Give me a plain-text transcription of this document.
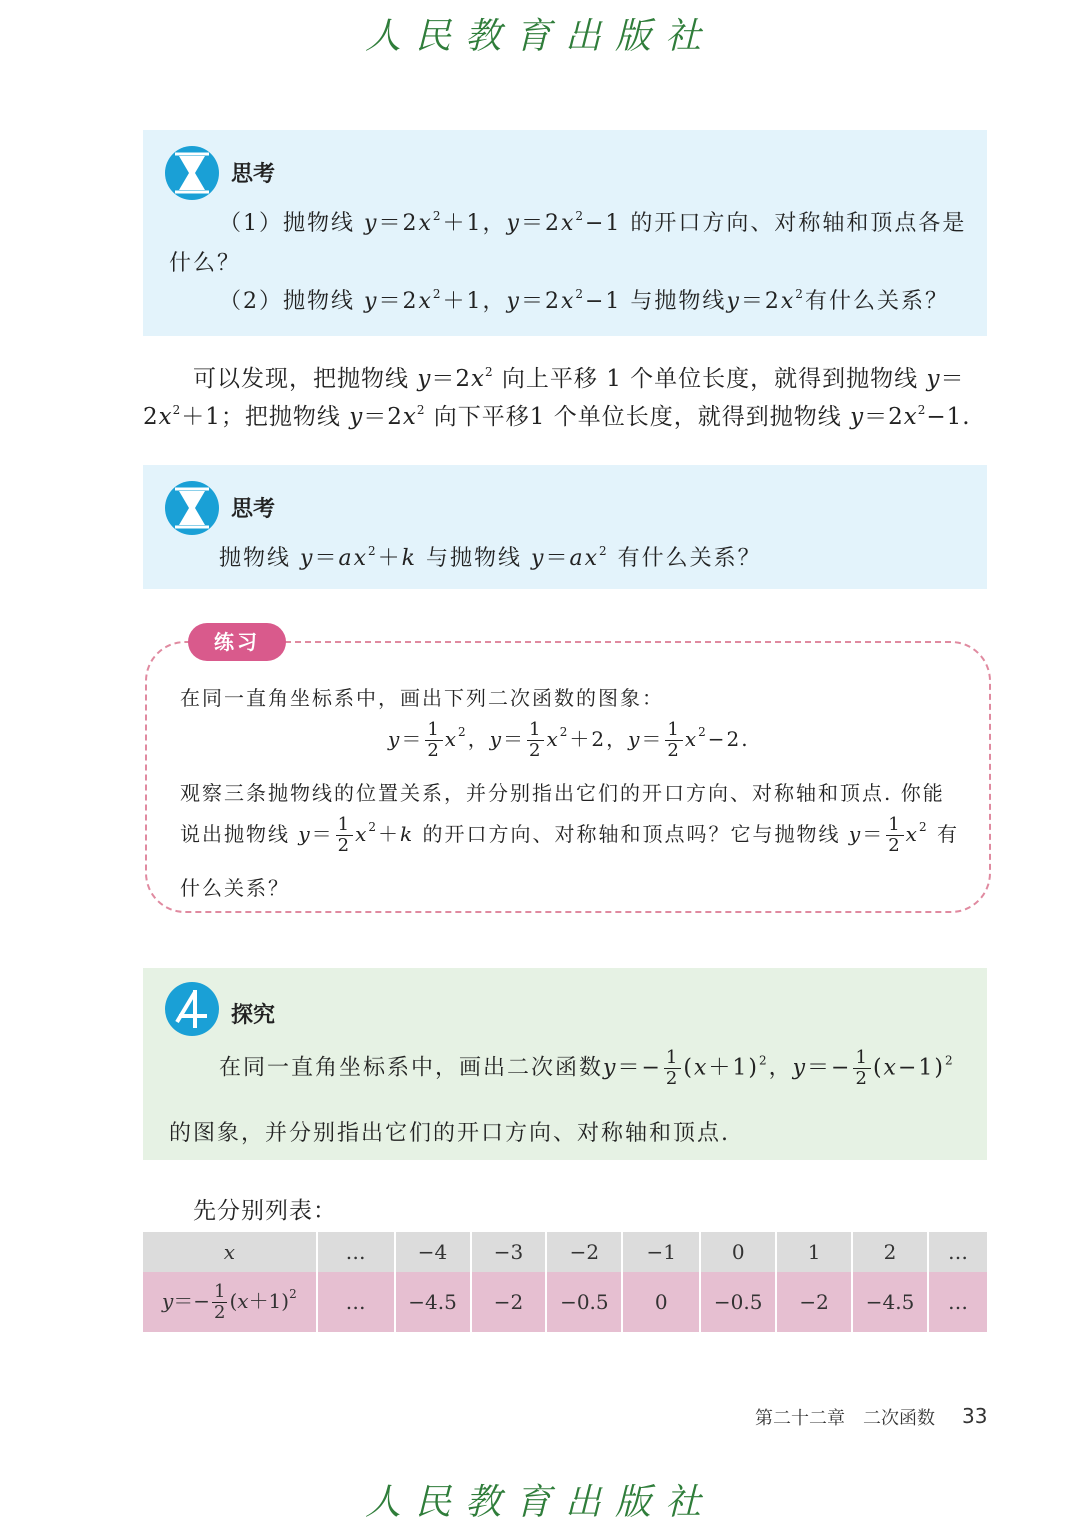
人民教育出版社
思考
（1）抛物线 $y=2x^2+1$，$y=2x^2-1$ 的开口方向、对称轴和顶点各是
什么？
（2）抛物线 $y=2x^2+1$，$y=2x^2-1$ 与抛物线$y=2x^2$有什么关系？
可以发现，把抛物线 $y=2x^2$ 向上平移 1 个单位长度，就得到抛物线 y＝
$2x^2+1$；把抛物线 $y=2x^2$ 向下平移1 个单位长度，就得到抛物线 $y=2x^2-1$.
思考
抛物线 $y=ax^2+k$ 与抛物线 $y=ax^2$ 有什么关系？
练习
在同一直角坐标系中，画出下列二次函数的图象：
$y= \frac{1}{2} x^2$，$y= \frac{1}{2} x^2+2$，$y= \frac{1}{2} x^2-2$.
观察三条抛物线的位置关系，并分别指出它们的开口方向、对称轴和顶点. 你能
说出抛物线 $y= \frac{1}{2} x^2+k$ 的开口方向、对称轴和顶点吗？它与抛物线 $y= \frac{1}{2} x^2$ 有
什么关系？
探究
在同一直角坐标系中，画出二次函数$y=- \frac{1}{2} (x+1)^2$，$y=- \frac{1}{2} (x-1)^2$
的图象，并分别指出它们的开口方向、对称轴和顶点.
先分别列表：
x	…	−4	−3	−2	−1	0	1	2	…
$y=- \frac{1}{2} (x+1)^2$	…	−4.5	−2	−0.5	0	−0.5	−2	−4.5	…
第二十二章　二次函数 33
人民教育出版社
